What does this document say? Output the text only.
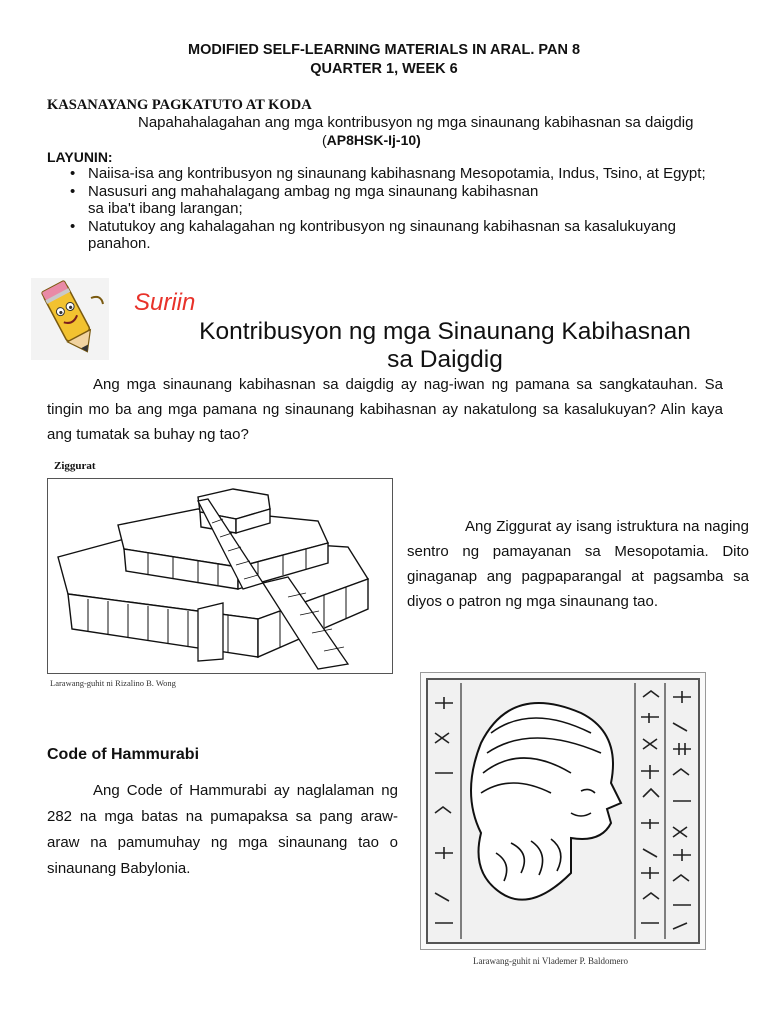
MODIFIED SELF-LEARNING MATERIALS IN ARAL. PAN 8
QUARTER 1, WEEK 6
KASANAYANG PAGKATUTO AT KODA
Napahahalagahan ang mga kontribusyon ng mga sinaunang kabihasnan sa daigdig
(AP8HSK-Ij-10)
LAYUNIN:
• Naiisa-isa ang kontribusyon ng sinaunang kabihasnang Mesopotamia, Indus, Tsino, at Egypt;
• Nasusuri ang mahahalagang ambag ng mga sinaunang kabihasnan sa iba't ibang larangan;
• Natutukoy ang kahalagahan ng kontribusyon ng sinaunang kabihasnan sa kasalukuyang panahon.
Suriin
Kontribusyon ng mga Sinaunang Kabihasnan
sa Daigdig
Ang mga sinaunang kabihasnan sa daigdig ay nag-iwan ng pamana sa sangkatauhan. Sa tingin mo ba ang mga pamana ng sinaunang kabihasnan ay nakatulong sa kasalukuyan? Alin kaya ang tumatak sa buhay ng tao?
Ziggurat
Larawang-guhit ni Rizalino B. Wong
Ang Ziggurat ay isang istruktura na naging sentro ng pamayanan sa Mesopotamia. Dito ginaganap ang pagpaparangal at pagsamba sa diyos o patron ng mga sinaunang tao.
Code of Hammurabi
Ang Code of Hammurabi ay naglalaman ng 282 na mga batas na pumapaksa sa pang araw-araw na pamumuhay ng mga sinaunang tao o sinaunang Babylonia.
Larawang-guhit ni Vlademer P. Baldomero
